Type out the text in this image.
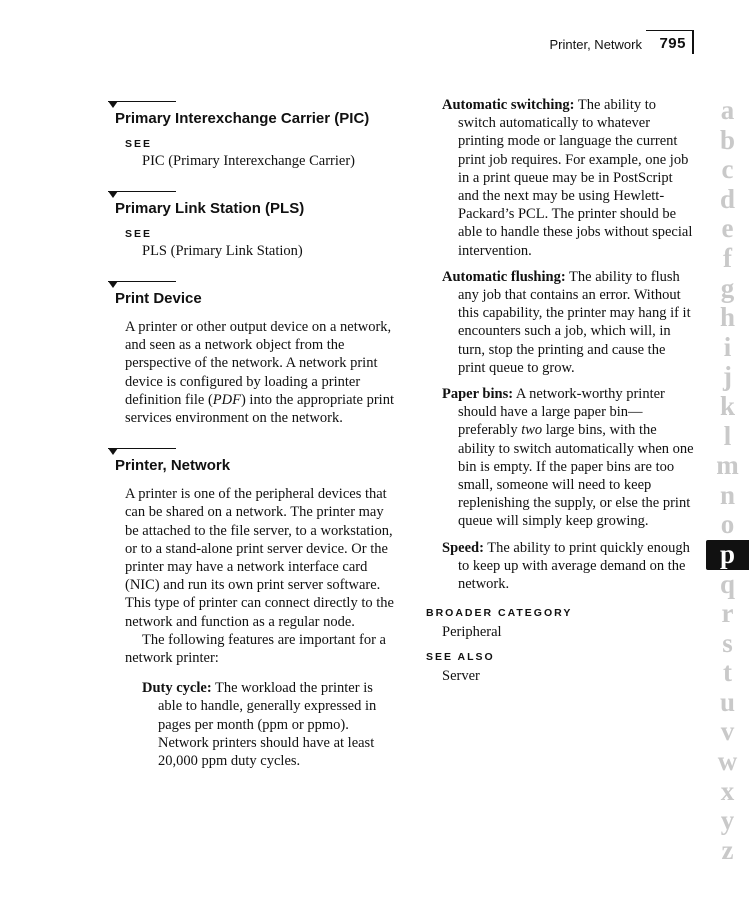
Printer, Network 795
Primary Interexchange Carrier (PIC)
SEE
PIC (Primary Interexchange Carrier)
Primary Link Station (PLS)
SEE
PLS (Primary Link Station)
Print Device
A printer or other output device on a network, and seen as a network object from the perspective of the network. A network print device is configured by loading a printer definition file (PDF) into the appropriate print services environment on the network.
Printer, Network
A printer is one of the peripheral devices that can be shared on a network. The printer may be attached to the file server, to a workstation, or to a stand-alone print server device. Or the printer may have a network interface card (NIC) and run its own print server software. This type of printer can connect directly to the network and function as a regular node.
The following features are important for a network printer:
Duty cycle: The workload the printer is able to handle, generally expressed in pages per month (ppm or ppmo). Network printers should have at least 20,000 ppm duty cycles.
Automatic switching: The ability to switch automatically to whatever printing mode or language the current print job requires. For example, one job in a print queue may be in PostScript and the next may be using Hewlett-Packard’s PCL. The printer should be able to handle these jobs without special intervention.
Automatic flushing: The ability to flush any job that contains an error. Without this capability, the printer may hang if it encounters such a job, which will, in turn, stop the printing and cause the print queue to grow.
Paper bins: A network-worthy printer should have a large paper bin—preferably two large bins, with the ability to switch automatically when one bin is empty. If the paper bins are too small, someone will need to keep replenishing the supply, or else the print queue will simply keep growing.
Speed: The ability to print quickly enough to keep up with average demand on the network.
BROADER CATEGORY
Peripheral
SEE ALSO
Server
a
b
c
d
e
f
g
h
i
j
k
l
m
n
o
p
q
r
s
t
u
v
w
x
y
z
